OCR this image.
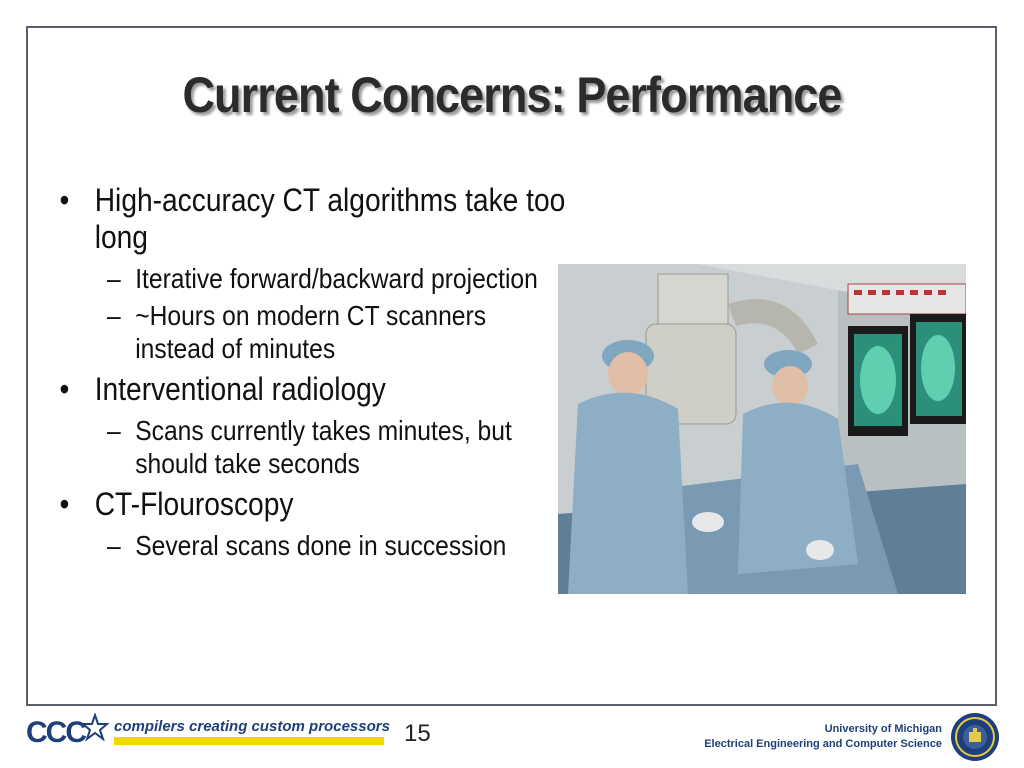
Current Concerns: Performance
• High-accuracy CT algorithms take too long
– Iterative forward/backward projection
– ~Hours on modern CT scanners instead of minutes
• Interventional radiology
– Scans currently takes minutes, but should take seconds
• CT-Flouroscopy
– Several scans done in succession
CCC compilers creating custom processors 15	University of Michigan
Electrical Engineering and Computer Science
